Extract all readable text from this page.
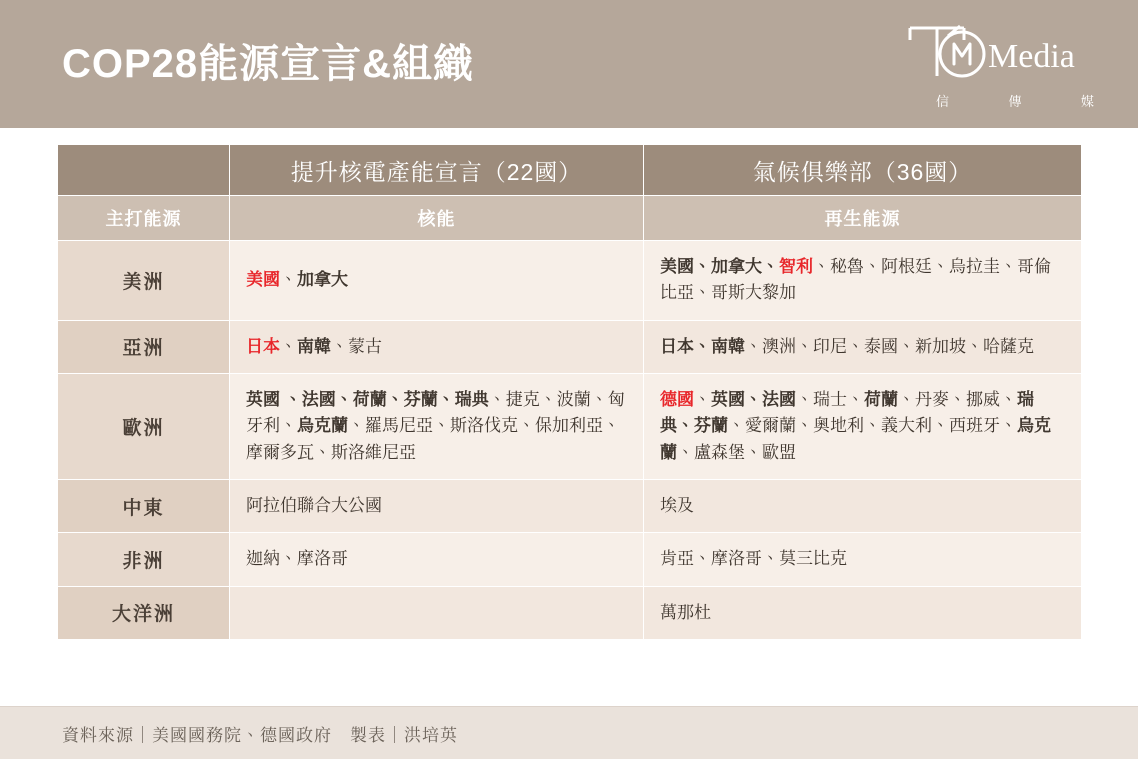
COP28能源宣言&組織	Media
信	傳	媒
	提升核電產能宣言（22國）	氣候俱樂部（36國）
主打能源	核能	再生能源
美洲	美國、加拿大	美國、加拿大、智利、秘魯、阿根廷、烏拉圭、哥倫比亞、哥斯大黎加
亞洲	日本、南韓、蒙古	日本、南韓、澳洲、印尼、泰國、新加坡、哈薩克
歐洲	英國 、法國、荷蘭、芬蘭、瑞典、捷克、波蘭、匈牙利、烏克蘭、羅馬尼亞、斯洛伐克、保加利亞、摩爾多瓦、斯洛維尼亞	德國、英國、法國、瑞士、荷蘭、丹麥、挪威、瑞典、芬蘭、愛爾蘭、奧地利、義大利、西班牙、烏克蘭、盧森堡、歐盟
中東	阿拉伯聯合大公國	埃及
非洲	迦納、摩洛哥	肯亞、摩洛哥、莫三比克
大洋洲		萬那杜
資料來源｜美國國務院、德國政府　製表｜洪培英
